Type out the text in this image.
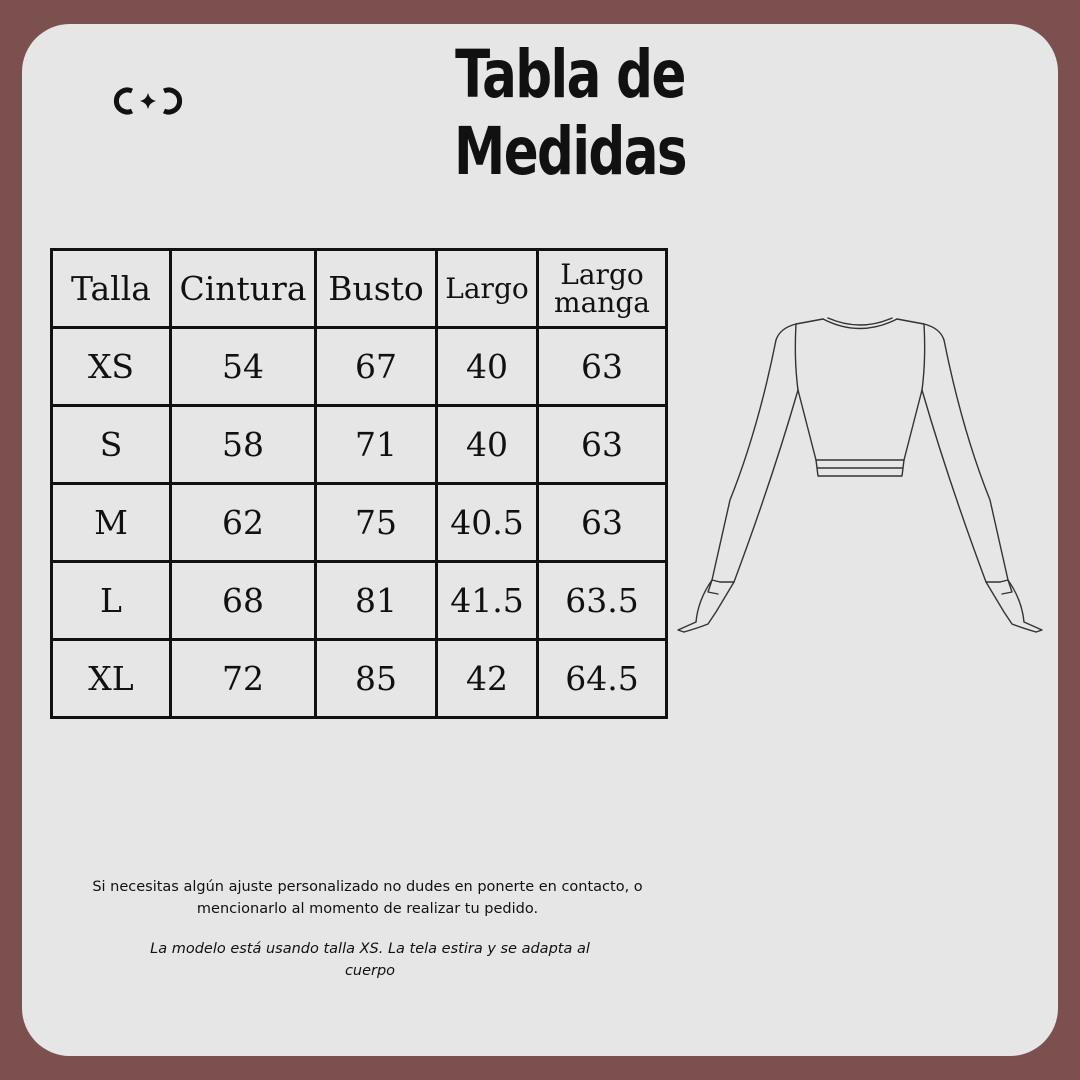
Tabla de Medidas
Talla	Cintura	Busto	Largo	Largo manga
XS	54	67	40	63
S	58	71	40	63
M	62	75	40.5	63
L	68	81	41.5	63.5
XL	72	85	42	64.5

Si necesitas algún ajuste personalizado no dudes en ponerte en contacto, o mencionarlo al momento de realizar tu pedido.

La modelo está usando talla XS. La tela estira y se adapta al cuerpo
